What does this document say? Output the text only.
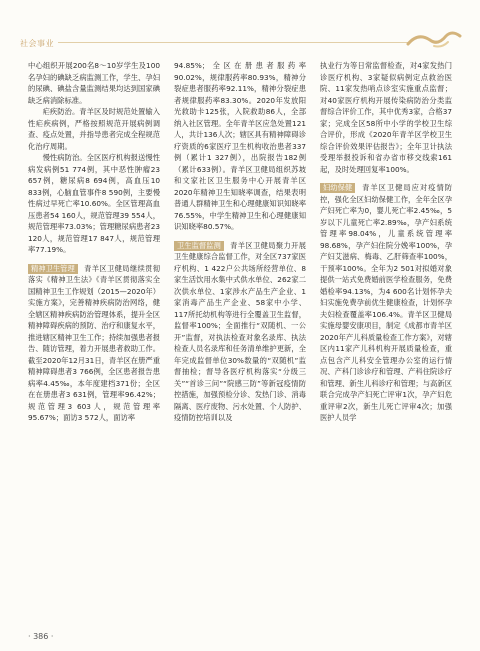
社会事业

中心组织开展200名8～10岁学生及100名孕妇的碘缺乏病监测工作，学生、孕妇的尿碘、碘盐含量监测结果均达到国家碘缺乏病消除标准。

疟疾防治。青羊区及时规范处置输入性疟疾病例，严格按照规范开展病例调查、疫点处置，并指导患者完成全程规范化治疗周期。

慢性病防治。全区医疗机构报送慢性病发病例51 774例，其中恶性肿瘤23 657例，糖尿病8 694例，高血压10 833例，心脑血管事件8 590例，主要慢性病过早死亡率10.60%。全区管理高血压患者54 160人，规范管理39 554人，规范管理率73.03%；管理糖尿病患者23 120人，规范管理17 847人，规范管理率77.19%。

精神卫生管理 青羊区卫健局继续贯彻落实《精神卫生法》《青羊区贯彻落实全国精神卫生工作规划（2015—2020年）实施方案》，完善精神疾病防治网络，健全辖区精神疾病防治管理体系，提升全区精神障碍疾病的预防、治疗和康复水平，推进辖区精神卫生工作；持续加强患者报告、随访管理，着力开展患者救助工作。截至2020年12月31日，青羊区在册严重精神障碍患者3 766例，全区患者报告患病率4.45‰，本年度建档371份；全区在在册患者3 631例，管理率96.42%；规范管理3 603人，规范管理率95.67%；面访3 572人，面访率

94.85%；全区在册患者服药率90.02%，规律服药率80.93%，精神分裂症患者服药率92.11%，精神分裂症患者规律服药率83.30%。2020年发放阳光救助卡125张，入院救助86人，全部纳入社区管理。全年青羊区应急处置121人，共计136人次；辖区具有精神障碍诊疗资质的6家医疗卫生机构收治患者337例（累计1 327例），出院报告182例（累计633例）。青羊区卫健局组织苏坡和文家社区卫生服务中心开展青羊区2020年精神卫生知晓率调查，结果表明普通人群精神卫生和心理健康知识知晓率76.55%，中学生精神卫生和心理健康知识知晓率80.57%。

卫生监督监测 青羊区卫健局聚力开展卫生健康综合监督工作，对全区737家医疗机构、1 422户公共场所经营单位、8家生活饮用水集中式供水单位、262家二次供水单位、1家涉水产品生产企业、1家消毒产品生产企业、58家中小学、117所托幼机构等进行全覆盖卫生监督，监督率100%；全面推行“双随机、一公开”监督，对执法检查对象名录库、执法检查人员名录库和任务清单维护更新，全年完成监督单位30%数量的“双随机”监督抽检；督导各医疗机构落实“分级三关”“首诊三问”“院感三防”等新冠疫情防控措施，加强预检分诊、发热门诊、消毒隔离、医疗废物、污水处置、个人防护、疫情防控培训以及

执业行为等日常监督检查，对4家发热门诊医疗机构、3家疑似病例定点救治医院、11家发热哨点诊室实施重点监督；对40家医疗机构开展传染病防治分类监督综合评价工作，其中优秀3家，合格37家；完成全区58所中小学的学校卫生综合评价，形成《2020年青羊区学校卫生综合评价效果评估报告》；全年卫计执法受理举报投诉和省办省市移交线索161起，及时处理回复率100%。

妇幼保健 青羊区卫健局应对疫情防控，强化全区妇幼保健工作，全年全区孕产妇死亡率为0，婴儿死亡率2.45‰，5岁以下儿童死亡率2.89‰，孕产妇系统管理率98.04%，儿童系统管理率98.68%，孕产妇住院分娩率100%，孕产妇艾滋病、梅毒、乙肝筛查率100%，干预率100%。全年为2 501对拟婚对象提供一站式免费婚前医学检查服务，免费婚检率94.13%，为4 600名计划怀孕夫妇实施免费孕前优生健康检查，计划怀孕夫妇检查覆盖率106.4%。青羊区卫健局实施母婴安康项目，制定《成都市青羊区2020年产儿科质量检查工作方案》，对辖区内11家产儿科机构开展质量检查，重点包含产儿科安全管理办公室的运行情况、产科门诊诊疗和管理、产科住院诊疗和管理、新生儿科诊疗和管理；与高新区联合完成孕产妇死亡评审1次，孕产妇危重评审2次，新生儿死亡评审4次；加强医护人员学

· 386 ·
